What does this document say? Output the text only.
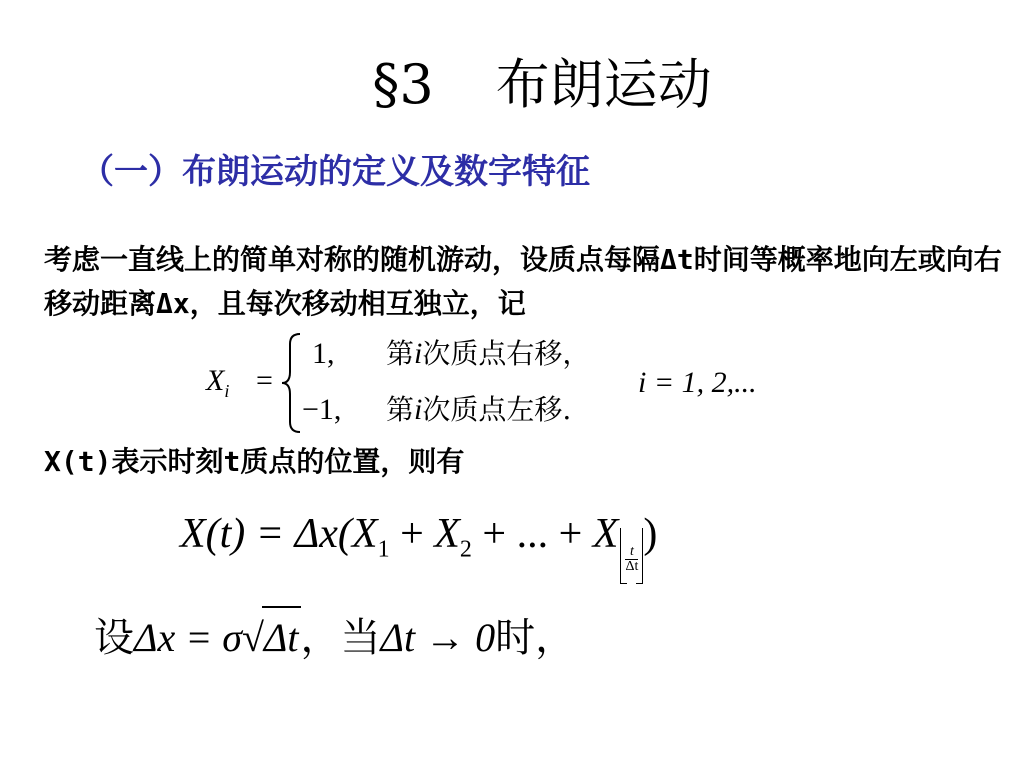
§3 布朗运动
（一）布朗运动的定义及数字特征
考虑一直线上的简单对称的随机游动，设质点每隔Δt时间等概率地向左或向右移动距离Δx，且每次移动相互独立，记
$X_i$ =
1, 第i次质点右移，
−1, 第i次质点左移.
i = 1, 2,...
X(t)表示时刻t质点的位置，则有
$X(t) = \Delta x(X_1 + X_2$ + ... + X
$\frac{t}{\Delta t}$
)
设Δx = σ√Δt，当Δt → 0时，
